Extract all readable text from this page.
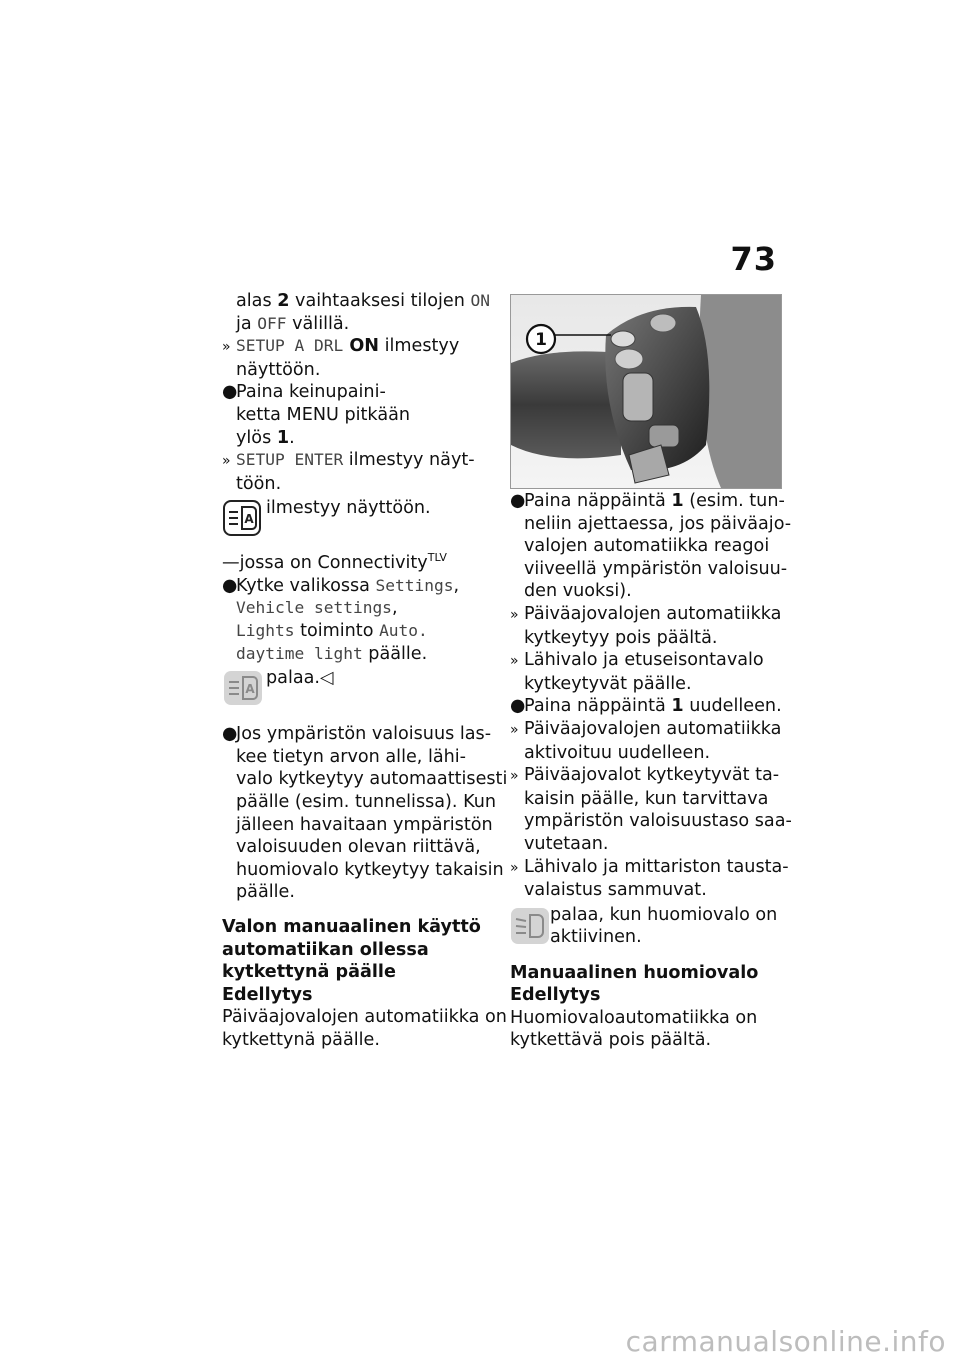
73
alas 2 vaihtaaksesi tilojen ON
ja OFF välillä.
» SETUP A DRL ON ilmestyy
näyttöön.
●Paina keinupaini-
ketta MENU pitkään
ylös 1.
» SETUP ENTER ilmestyy näyt-
töön.
A
ilmestyy näyttöön.
—jossa on Connectivity$^{TLV}$
●Kytke valikossa Settings,
Vehicle settings,
Lights toiminto Auto.
daytime light päälle.
A
palaa.◁
●Jos ympäristön valoisuus las-
kee tietyn arvon alle, lähi-
valo kytkeytyy automaattisesti
päälle (esim. tunnelissa). Kun
jälleen havaitaan ympäristön
valoisuuden olevan riittävä,
huomiovalo kytkeytyy takaisin
päälle.
Valon manuaalinen käyttö
automatiikan ollessa
kytkettynä päälle
Edellytys
Päiväajovalojen automatiikka on
kytkettynä päälle.
1
●Paina näppäintä 1 (esim. tun-
neliin ajettaessa, jos päiväajo-
valojen automatiikka reagoi
viiveellä ympäristön valoisuu-
den vuoksi).
» Päiväajovalojen automatiikka
kytkeytyy pois päältä.
» Lähivalo ja etuseisontavalo
kytkeytyvät päälle.
●Paina näppäintä 1 uudelleen.
» Päiväajovalojen automatiikka
aktivoituu uudelleen.
» Päiväajovalot kytkeytyvät ta-
kaisin päälle, kun tarvittava
ympäristön valoisuustaso saa-
vutetaan.
» Lähivalo ja mittariston tausta-
valaistus sammuvat.
palaa, kun huomiovalo on
aktiivinen.
Manuaalinen huomiovalo
Edellytys
Huomiovaloautomatiikka on
kytkettävä pois päältä.
carmanualsonline.info
